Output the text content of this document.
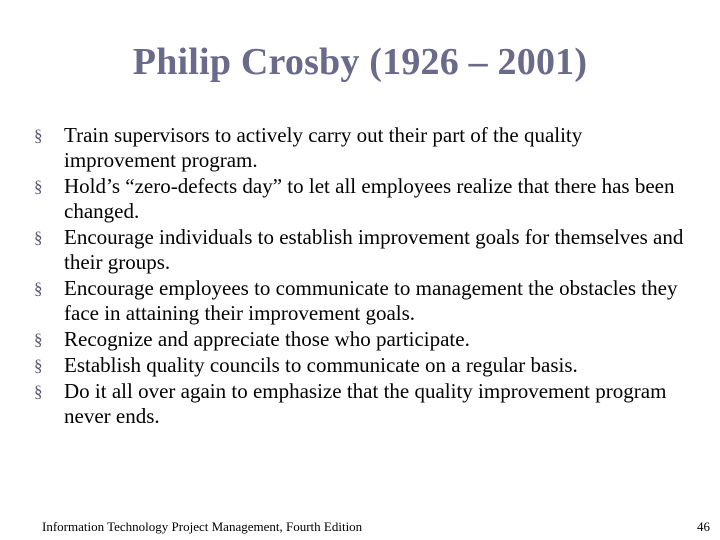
Philip Crosby (1926 – 2001)
§	Train supervisors to actively carry out their part of the quality improvement program.
§	Hold’s “zero-defects day” to let all employees realize that there has been changed.
§	Encourage individuals to establish improvement goals for themselves and their groups.
§	Encourage employees to communicate to management the obstacles they face in attaining their improvement goals.
§	Recognize and appreciate those who participate.
§	Establish quality councils to communicate on a regular basis.
§	Do it all over again to emphasize that the quality improvement program never ends.
Information Technology Project Management, Fourth Edition	46
